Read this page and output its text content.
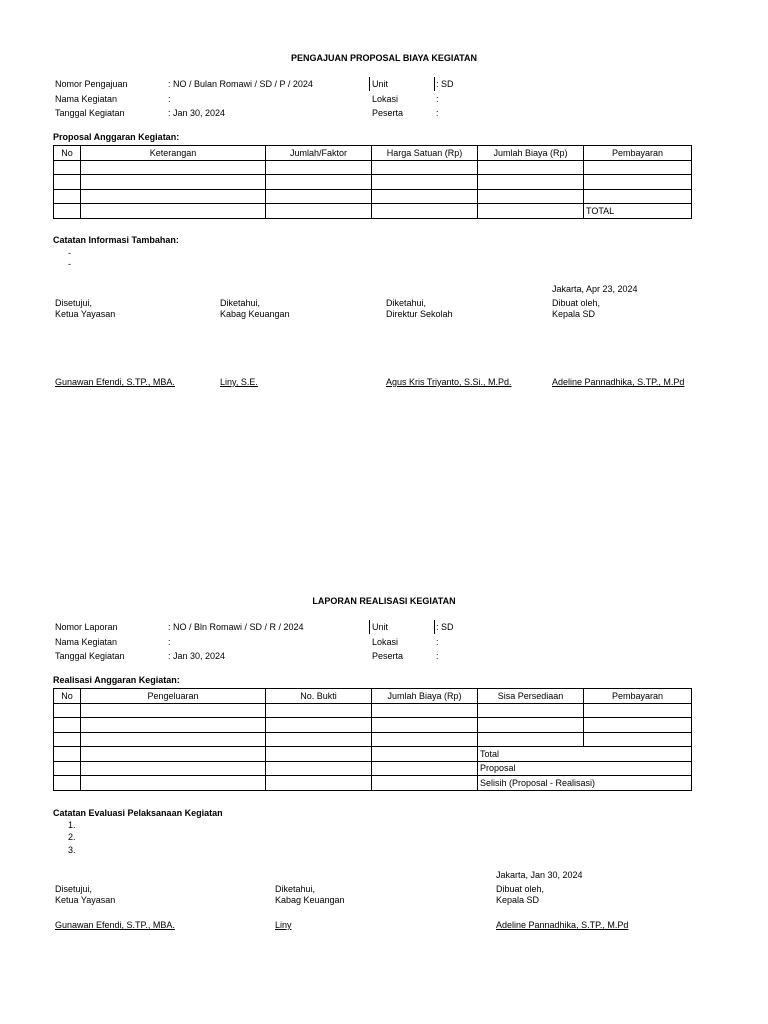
PENGAJUAN PROPOSAL BIAYA KEGIATAN
Nomor Pengajuan	: NO / Bulan Romawi / SD / P / 2024
Nama Kegiatan	:
Tanggal Kegiatan	: Jan 30, 2024
Unit	: SD
Lokasi	:
Peserta	:
Proposal Anggaran Kegiatan:
No	Keterangan	Jumlah/Faktor	Harga Satuan (Rp)	Jumlah Biaya (Rp)	Pembayaran

					TOTAL
Catatan Informasi Tambahan:
-
-
Jakarta, Apr 23, 2024
Disetujui,
Ketua Yayasan
Gunawan Efendi, S.TP., MBA.
Diketahui,
Kabag Keuangan
Liny, S.E.
Diketahui,
Direktur Sekolah
Agus Kris Triyanto, S.Si., M.Pd.
Dibuat oleh,
Kepala SD
Adeline Pannadhika, S.TP., M.Pd
LAPORAN REALISASI KEGIATAN
Nomor Laporan	: NO / Bln Romawi / SD / R / 2024
Nama Kegiatan	:
Tanggal Kegiatan	: Jan 30, 2024
Unit	: SD
Lokasi	:
Peserta	:
Realisasi Anggaran Kegiatan:
No	Pengeluaran	No. Bukti	Jumlah Biaya (Rp)	Sisa Persediaan	Pembayaran

				Total	
				Proposal	
				Selisih (Proposal - Realisasi)	
Catatan Evaluasi Pelaksanaan Kegiatan
1.
2.
3.
Jakarta, Jan 30, 2024
Disetujui,
Ketua Yayasan
Gunawan Efendi, S.TP., MBA.
Diketahui,
Kabag Keuangan
Liny
Dibuat oleh,
Kepala SD
Adeline Pannadhika, S.TP., M.Pd
